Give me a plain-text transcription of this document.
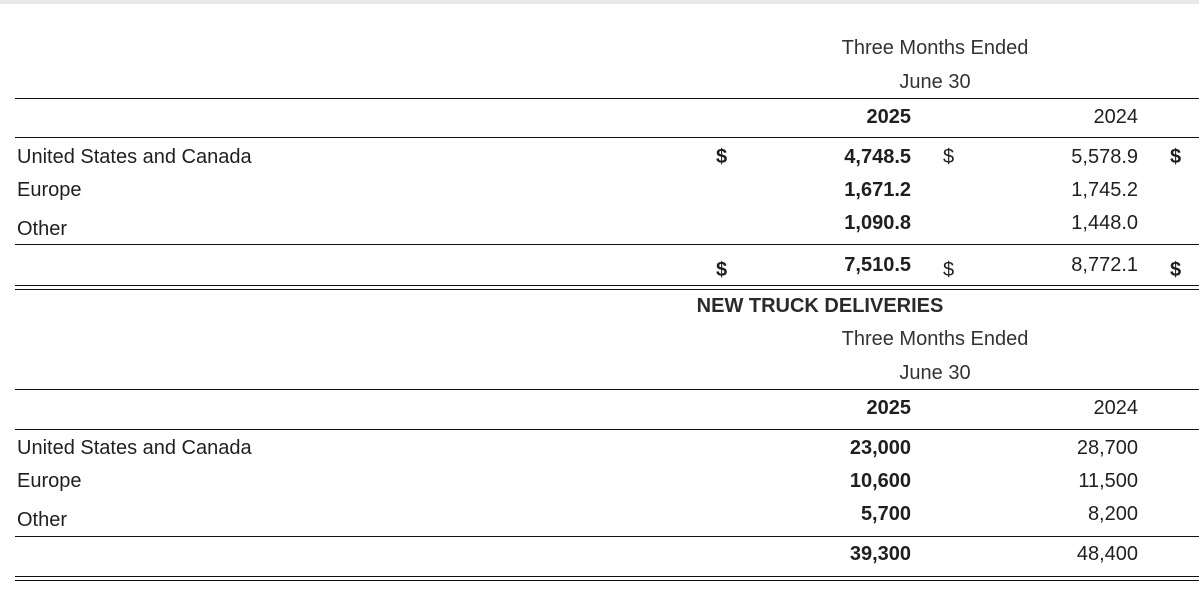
Three Months Ended
June 30
2025	2024
United States and Canada	$	4,748.5 $	5,578.9 $
Europe	1,671.2	1,745.2
Other	1,090.8	1,448.0
$	7,510.5 $	8,772.1 $
NEW TRUCK DELIVERIES
Three Months Ended
June 30
2025	2024
United States and Canada	23,000	28,700
Europe	10,600	11,500
Other	5,700	8,200
39,300	48,400
